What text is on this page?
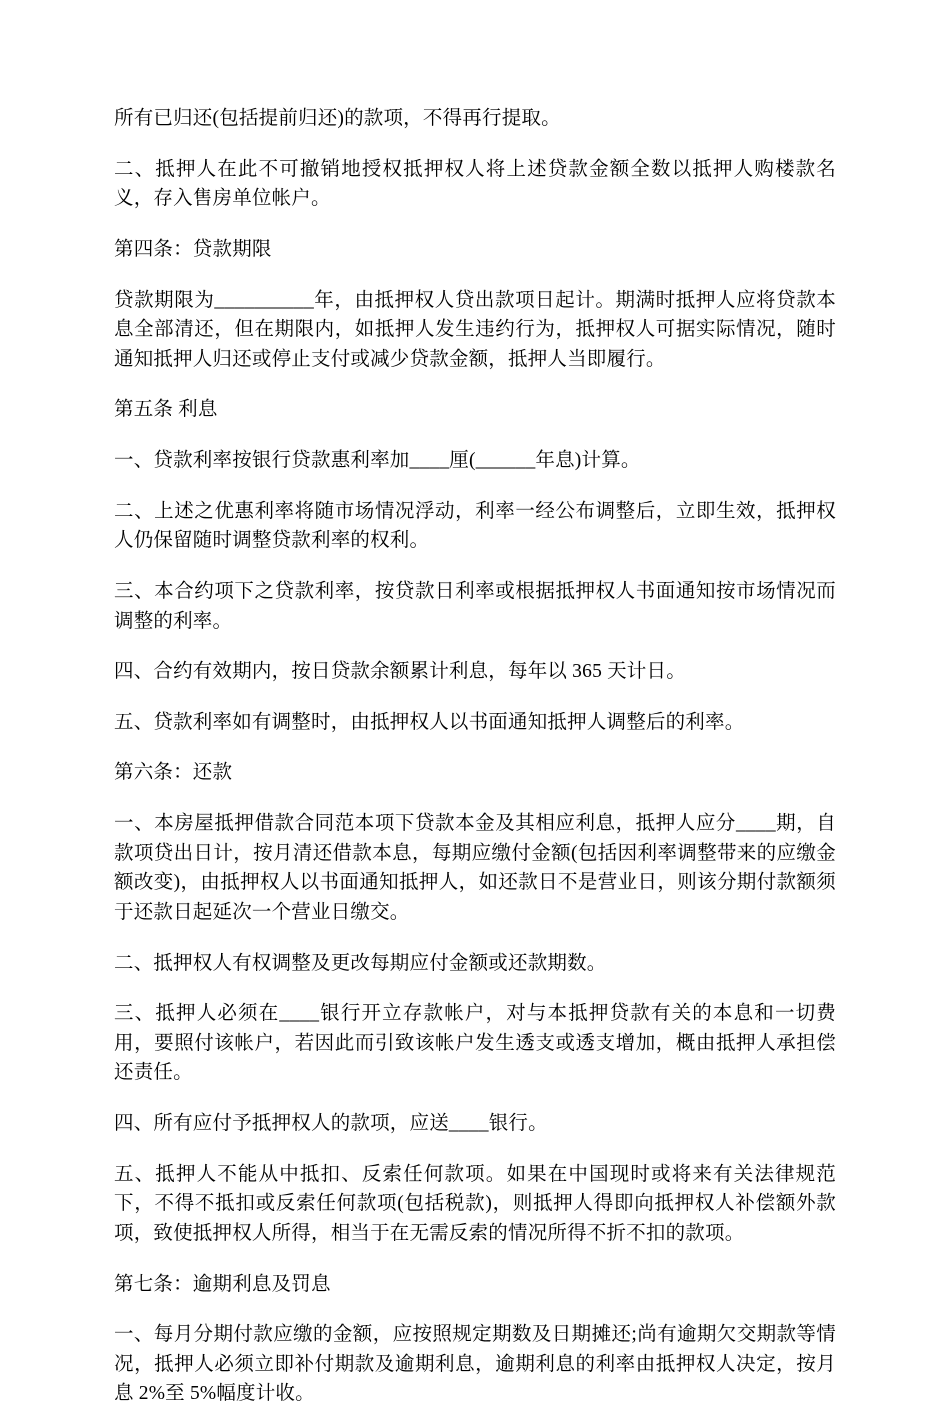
所有已归还(包括提前归还)的款项，不得再行提取。

二、抵押人在此不可撤销地授权抵押权人将上述贷款金额全数以抵押人购楼款名义，存入售房单位帐户。

第四条：贷款期限

贷款期限为__________年，由抵押权人贷出款项日起计。期满时抵押人应将贷款本息全部清还，但在期限内，如抵押人发生违约行为，抵押权人可据实际情况，随时通知抵押人归还或停止支付或减少贷款金额，抵押人当即履行。

第五条 利息

一、贷款利率按银行贷款惠利率加____厘(______年息)计算。

二、上述之优惠利率将随市场情况浮动，利率一经公布调整后，立即生效，抵押权人仍保留随时调整贷款利率的权利。

三、本合约项下之贷款利率，按贷款日利率或根据抵押权人书面通知按市场情况而调整的利率。

四、合约有效期内，按日贷款余额累计利息，每年以 365 天计日。

五、贷款利率如有调整时，由抵押权人以书面通知抵押人调整后的利率。

第六条：还款

一、本房屋抵押借款合同范本项下贷款本金及其相应利息，抵押人应分____期，自款项贷出日计，按月清还借款本息，每期应缴付金额(包括因利率调整带来的应缴金额改变)，由抵押权人以书面通知抵押人，如还款日不是营业日，则该分期付款额须于还款日起延次一个营业日缴交。

二、抵押权人有权调整及更改每期应付金额或还款期数。

三、抵押人必须在____银行开立存款帐户，对与本抵押贷款有关的本息和一切费用，要照付该帐户，若因此而引致该帐户发生透支或透支增加，概由抵押人承担偿还责任。

四、所有应付予抵押权人的款项，应送____银行。

五、抵押人不能从中抵扣、反索任何款项。如果在中国现时或将来有关法律规范下，不得不抵扣或反索任何款项(包括税款)，则抵押人得即向抵押权人补偿额外款项，致使抵押权人所得，相当于在无需反索的情况所得不折不扣的款项。

第七条：逾期利息及罚息

一、每月分期付款应缴的金额，应按照规定期数及日期摊还;尚有逾期欠交期款等情况，抵押人必须立即补付期款及逾期利息，逾期利息的利率由抵押权人决定，按月息 2%至 5%幅度计收。
